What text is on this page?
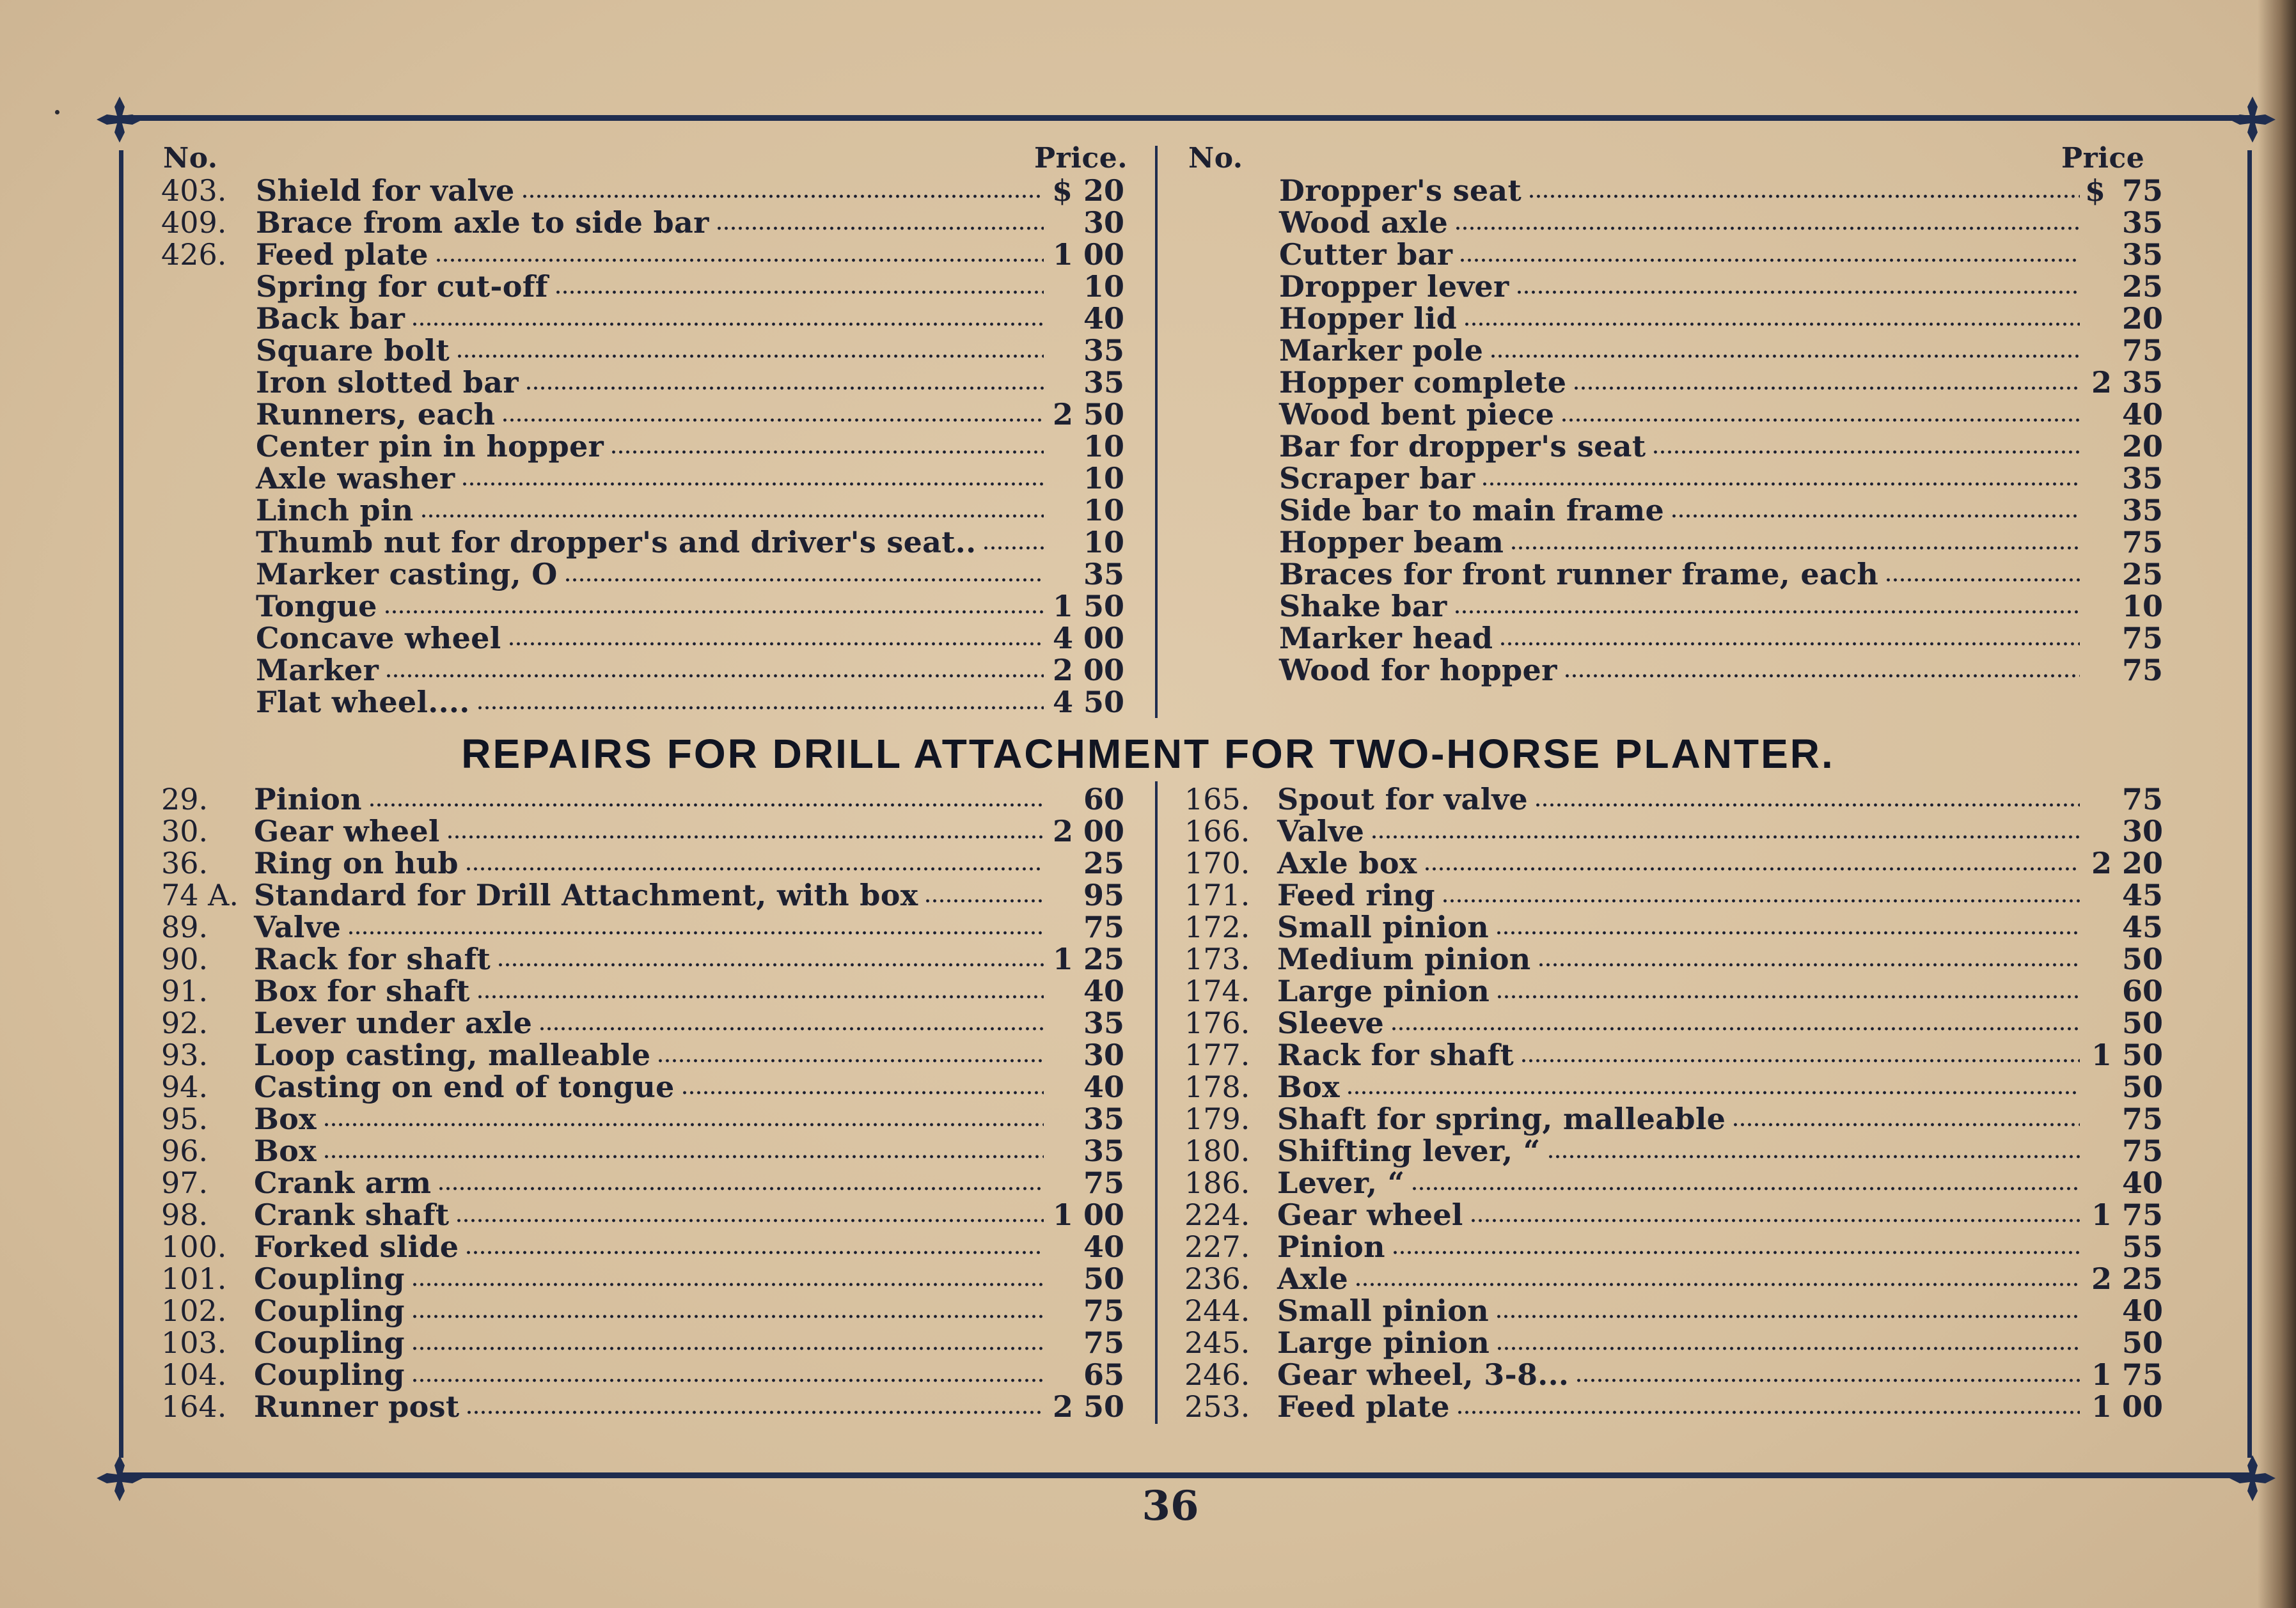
No.	Price. No.	Price
403. Shield for valve	$ 20
409. Brace from axle to side bar	30
426. Feed plate	1 00
Spring for cut-off	10
Back bar	40
Square bolt	35
Iron slotted bar	35
Runners, each	2 50
Center pin in hopper	10
Axle washer	10
Linch pin	10
Thumb nut for dropper's and driver's seat..	10
Marker casting, O	35
Tongue	1 50
Concave wheel	4 00
Marker	2 00
Flat wheel....	4 50
Dropper's seat	$ 75
Wood axle	35
Cutter bar	35
Dropper lever	25
Hopper lid	20
Marker pole	75
Hopper complete	2 35
Wood bent piece	40
Bar for dropper's seat	20
Scraper bar	35
Side bar to main frame	35
Hopper beam	75
Braces for front runner frame, each	25
Shake bar	10
Marker head	75
Wood for hopper	75
REPAIRS FOR DRILL ATTACHMENT FOR TWO-HORSE PLANTER.
29. Pinion	60
30. Gear wheel	2 00
36. Ring on hub	25
74 A. Standard for Drill Attachment, with box	95
89. Valve	75
90. Rack for shaft	1 25
91. Box for shaft	40
92. Lever under axle	35
93. Loop casting, malleable	30
94. Casting on end of tongue	40
95. Box	35
96. Box	35
97. Crank arm	75
98. Crank shaft	1 00
100. Forked slide	40
101. Coupling	50
102. Coupling	75
103. Coupling	75
104. Coupling	65
164. Runner post	2 50
165. Spout for valve	75
166. Valve	30
170. Axle box	2 20
171. Feed ring	45
172. Small pinion	45
173. Medium pinion	50
174. Large pinion	60
176. Sleeve	50
177. Rack for shaft	1 50
178. Box	50
179. Shaft for spring, malleable	75
180. Shifting lever, “	75
186. Lever, “	40
224. Gear wheel	1 75
227. Pinion	55
236. Axle	2 25
244. Small pinion	40
245. Large pinion	50
246. Gear wheel, 3-8...	1 75
253. Feed plate	1 00
36
